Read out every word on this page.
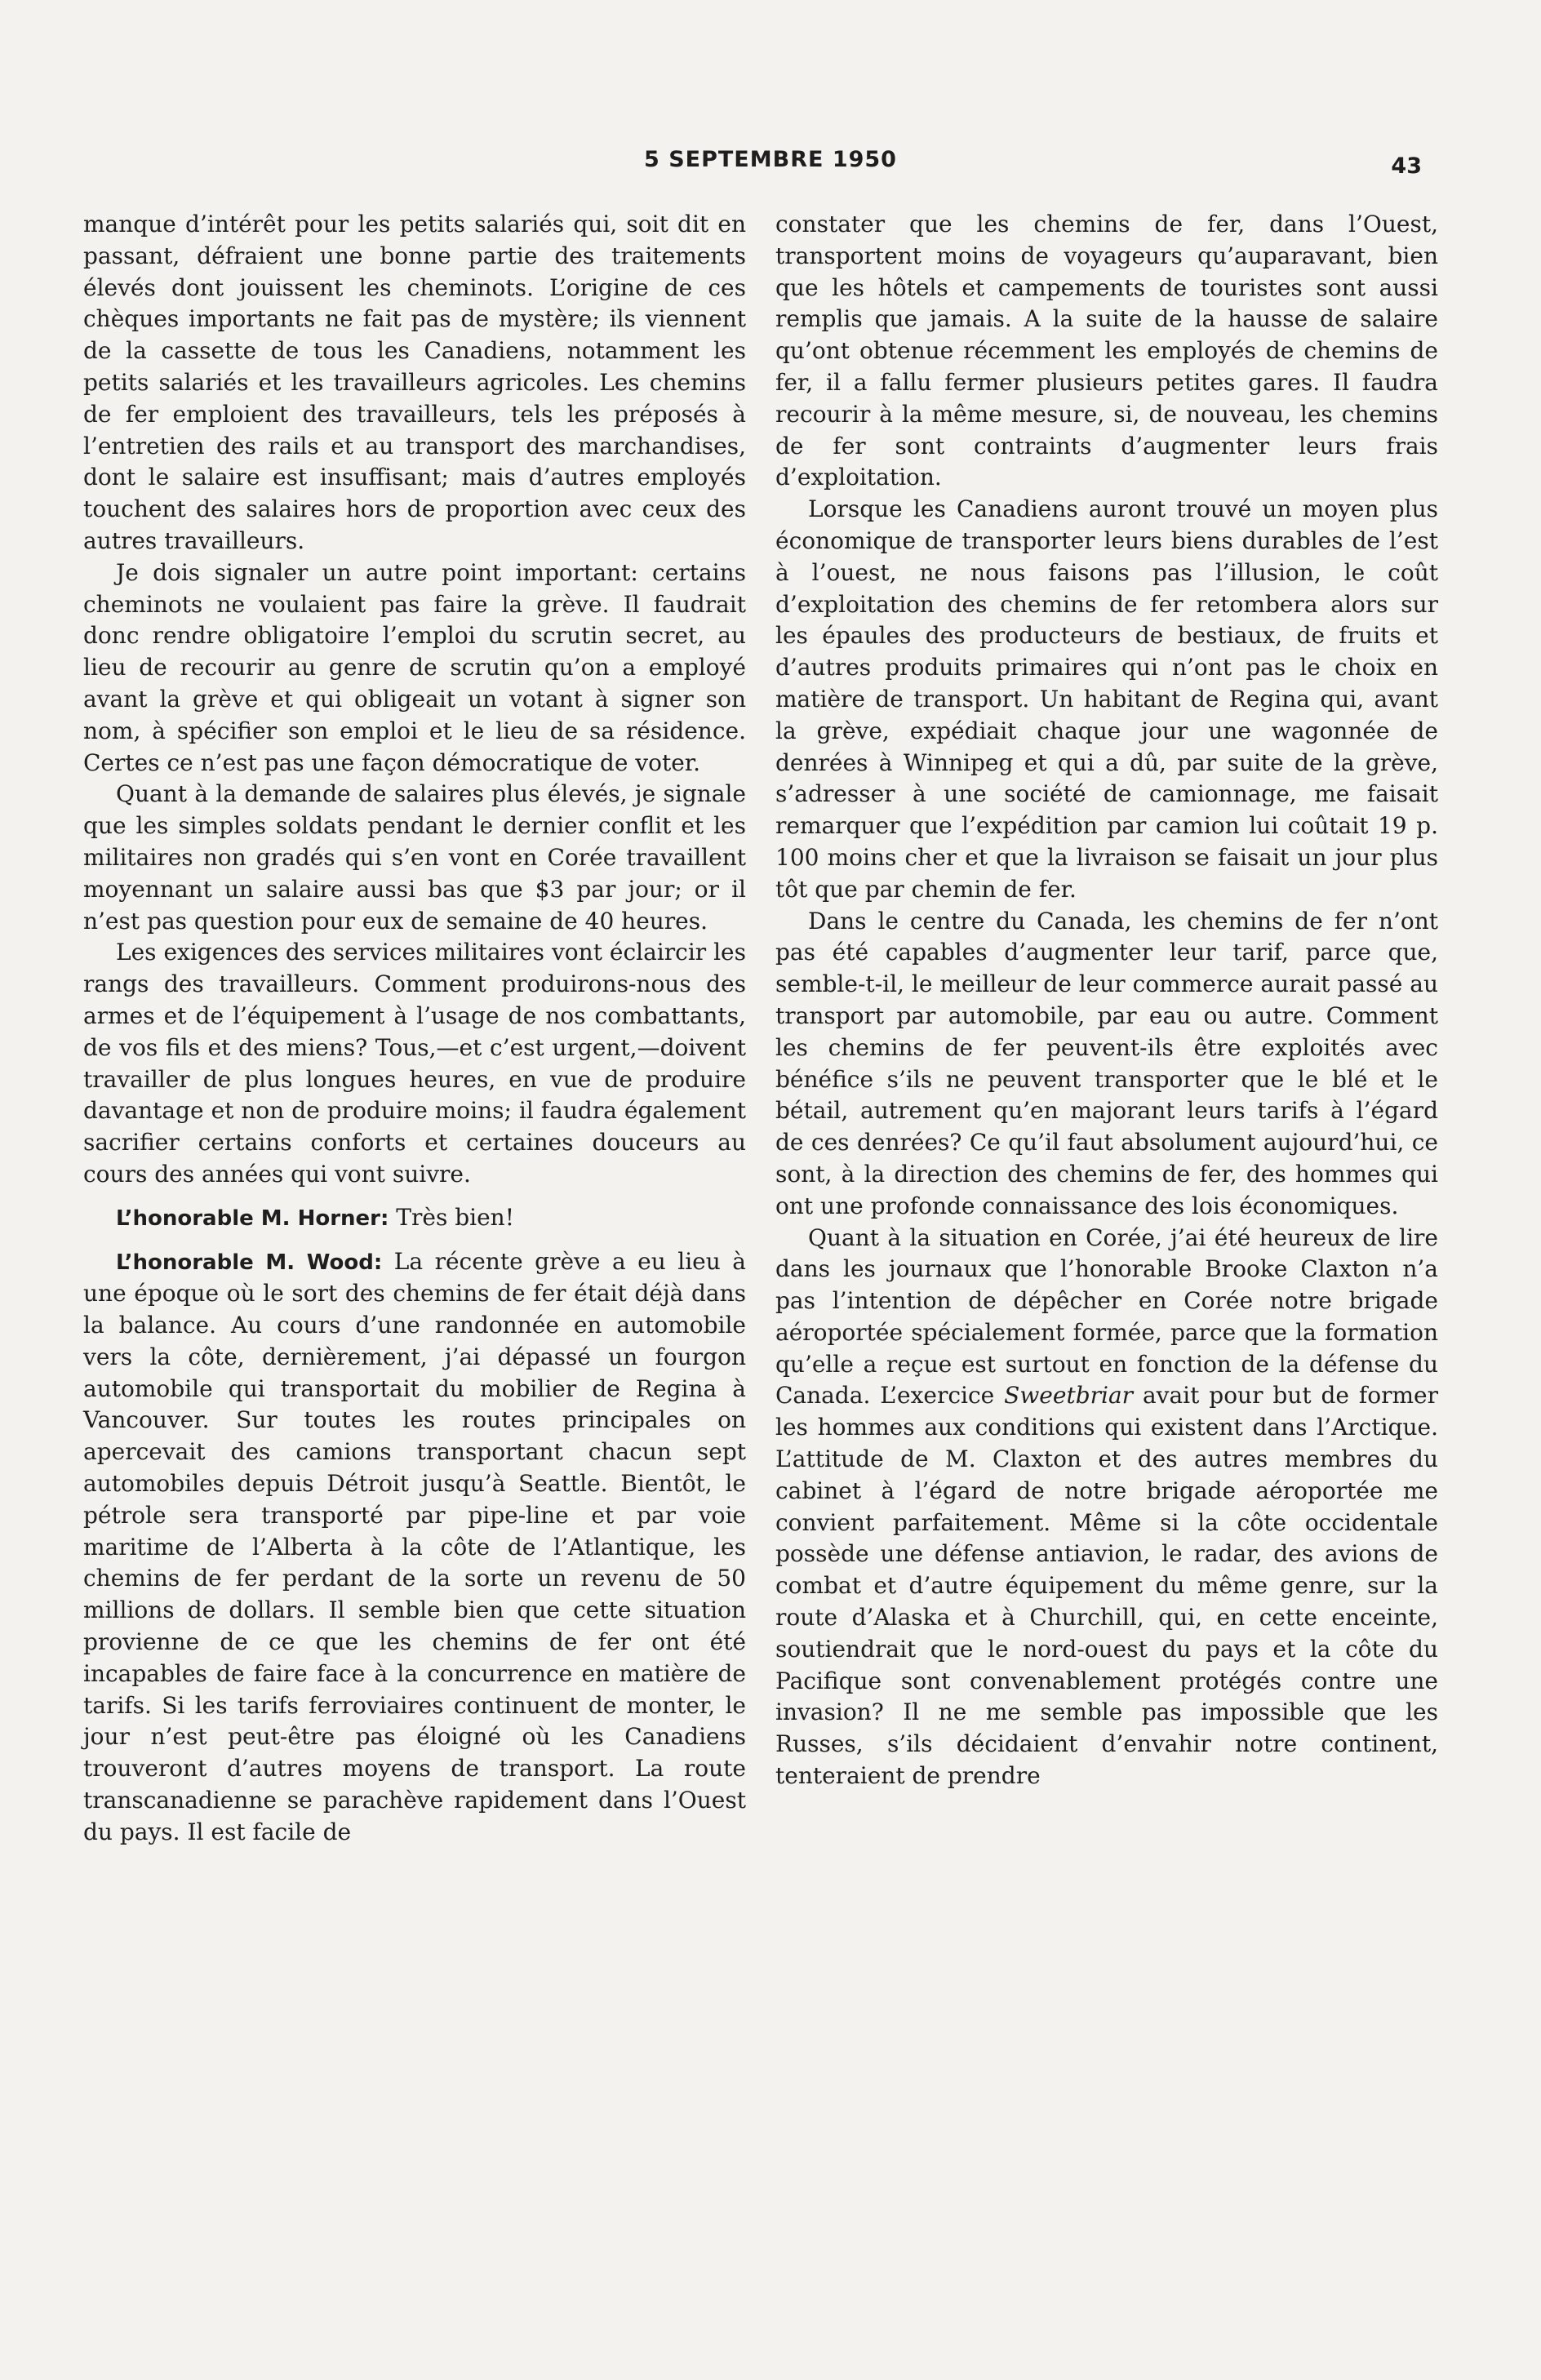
5 SEPTEMBRE 1950	43

manque d’intérêt pour les petits salariés qui, soit dit en passant, défraient une bonne partie des traitements élevés dont jouissent les cheminots. L’origine de ces chèques importants ne fait pas de mystère; ils viennent de la cassette de tous les Canadiens, notamment les petits salariés et les travailleurs agricoles. Les chemins de fer emploient des travailleurs, tels les préposés à l’entretien des rails et au transport des marchandises, dont le salaire est insuffisant; mais d’autres employés touchent des salaires hors de proportion avec ceux des autres travailleurs.

Je dois signaler un autre point important: certains cheminots ne voulaient pas faire la grève. Il faudrait donc rendre obligatoire l’emploi du scrutin secret, au lieu de recourir au genre de scrutin qu’on a employé avant la grève et qui obligeait un votant à signer son nom, à spécifier son emploi et le lieu de sa résidence. Certes ce n’est pas une façon démocratique de voter.

Quant à la demande de salaires plus élevés, je signale que les simples soldats pendant le dernier conflit et les militaires non gradés qui s’en vont en Corée travaillent moyennant un salaire aussi bas que $3 par jour; or il n’est pas question pour eux de semaine de 40 heures.

Les exigences des services militaires vont éclaircir les rangs des travailleurs. Comment produirons-nous des armes et de l’équipement à l’usage de nos combattants, de vos fils et des miens? Tous,—et c’est urgent,—doivent travailler de plus longues heures, en vue de produire davantage et non de produire moins; il faudra également sacrifier certains conforts et certaines douceurs au cours des années qui vont suivre.

L’honorable M. Horner: Très bien!

L’honorable M. Wood: La récente grève a eu lieu à une époque où le sort des chemins de fer était déjà dans la balance. Au cours d’une randonnée en automobile vers la côte, dernièrement, j’ai dépassé un fourgon automobile qui transportait du mobilier de Regina à Vancouver. Sur toutes les routes principales on apercevait des camions transportant chacun sept automobiles depuis Détroit jusqu’à Seattle. Bientôt, le pétrole sera transporté par pipe-line et par voie maritime de l’Alberta à la côte de l’Atlantique, les chemins de fer perdant de la sorte un revenu de 50 millions de dollars. Il semble bien que cette situation provienne de ce que les chemins de fer ont été incapables de faire face à la concurrence en matière de tarifs. Si les tarifs ferroviaires continuent de monter, le jour n’est peut-être pas éloigné où les Canadiens trouveront d’autres moyens de transport. La route transcanadienne se parachève rapidement dans l’Ouest du pays. Il est facile de

constater que les chemins de fer, dans l’Ouest, transportent moins de voyageurs qu’auparavant, bien que les hôtels et campements de touristes sont aussi remplis que jamais. A la suite de la hausse de salaire qu’ont obtenue récemment les employés de chemins de fer, il a fallu fermer plusieurs petites gares. Il faudra recourir à la même mesure, si, de nouveau, les chemins de fer sont contraints d’augmenter leurs frais d’exploitation.

Lorsque les Canadiens auront trouvé un moyen plus économique de transporter leurs biens durables de l’est à l’ouest, ne nous faisons pas l’illusion, le coût d’exploitation des chemins de fer retombera alors sur les épaules des producteurs de bestiaux, de fruits et d’autres produits primaires qui n’ont pas le choix en matière de transport. Un habitant de Regina qui, avant la grève, expédiait chaque jour une wagonnée de denrées à Winnipeg et qui a dû, par suite de la grève, s’adresser à une société de camionnage, me faisait remarquer que l’expédition par camion lui coûtait 19 p. 100 moins cher et que la livraison se faisait un jour plus tôt que par chemin de fer.

Dans le centre du Canada, les chemins de fer n’ont pas été capables d’augmenter leur tarif, parce que, semble-t-il, le meilleur de leur commerce aurait passé au transport par automobile, par eau ou autre. Comment les chemins de fer peuvent-ils être exploités avec bénéfice s’ils ne peuvent transporter que le blé et le bétail, autrement qu’en majorant leurs tarifs à l’égard de ces denrées? Ce qu’il faut absolument aujourd’hui, ce sont, à la direction des chemins de fer, des hommes qui ont une profonde connaissance des lois économiques.

Quant à la situation en Corée, j’ai été heureux de lire dans les journaux que l’honorable Brooke Claxton n’a pas l’intention de dépêcher en Corée notre brigade aéroportée spécialement formée, parce que la formation qu’elle a reçue est surtout en fonction de la défense du Canada. L’exercice Sweetbriar avait pour but de former les hommes aux conditions qui existent dans l’Arctique. L’attitude de M. Claxton et des autres membres du cabinet à l’égard de notre brigade aéroportée me convient parfaitement. Même si la côte occidentale possède une défense antiavion, le radar, des avions de combat et d’autre équipement du même genre, sur la route d’Alaska et à Churchill, qui, en cette enceinte, soutiendrait que le nord-ouest du pays et la côte du Pacifique sont convenablement protégés contre une invasion? Il ne me semble pas impossible que les Russes, s’ils décidaient d’envahir notre continent, tenteraient de prendre
